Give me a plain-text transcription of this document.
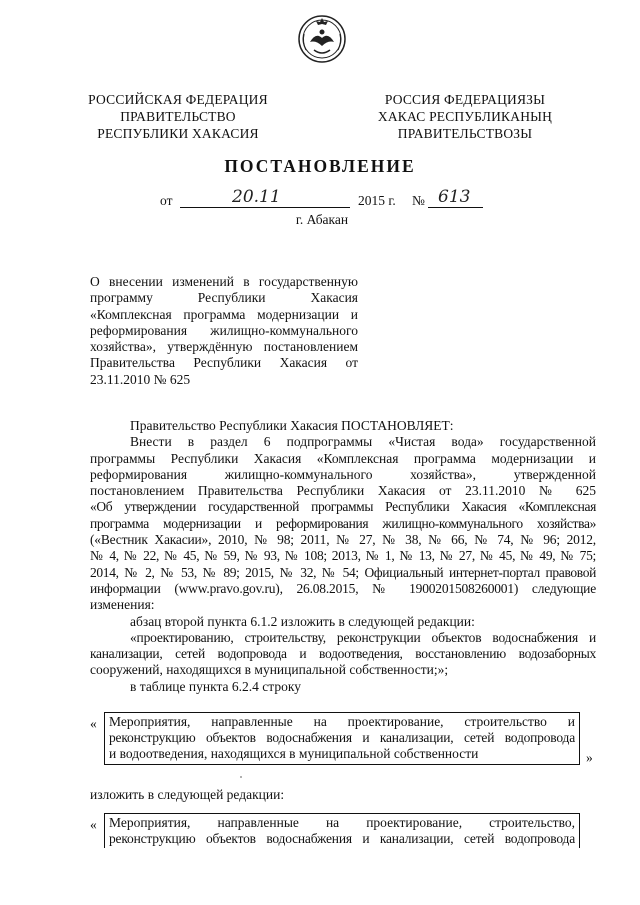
РОССИЙСКАЯ ФЕДЕРАЦИЯ
ПРАВИТЕЛЬСТВО
РЕСПУБЛИКИ ХАКАСИЯ
РОССИЯ ФЕДЕРАЦИЯЗЫ
ХАКАС РЕСПУБЛИКАНЫҢ
ПРАВИТЕЛЬСТВОЗЫ
ПОСТАНОВЛЕНИЕ
от	20.11	2015 г. № 613
г. Абакан
О внесении изменений в государственную
программу Республики Хакасия
«Комплексная программа модернизации и
реформирования жилищно-коммунального
хозяйства», утверждённую постановлением
Правительства Республики Хакасия от
23.11.2010 № 625
Правительство Республики Хакасия ПОСТАНОВЛЯЕТ:
Внести в раздел 6 подпрограммы «Чистая вода» государственной
программы Республики Хакасия «Комплексная программа модернизации и
реформирования жилищно-коммунального хозяйства», утвержденной
постановлением Правительства Республики Хакасия от 23.11.2010 № 625
«Об утверждении государственной программы Республики Хакасия «Комплексная
программа модернизации и реформирования жилищно-коммунального хозяйства»
(«Вестник Хакасии», 2010, № 98; 2011, № 27, № 38, № 66, № 74, № 96; 2012,
№ 4, № 22, № 45, № 59, № 93, № 108; 2013, № 1, № 13, № 27, № 45, № 49, № 75;
2014, № 2, № 53, № 89; 2015, № 32, № 54; Официальный интернет-портал правовой
информации (www.pravo.gov.ru), 26.08.2015, № 1900201508260001) следующие
изменения:
абзац второй пункта 6.1.2 изложить в следующей редакции:
«проектированию, строительству, реконструкции объектов водоснабжения и
канализации, сетей водопровода и водоотведения, восстановлению водозаборных
сооружений, находящихся в муниципальной собственности;»;
в таблице пункта 6.2.4 строку
« Мероприятия, направленные на проектирование, строительство и
реконструкцию объектов водоснабжения и канализации, сетей водопровода
и водоотведения, находящихся в муниципальной собственности	»
изложить в следующей редакции:
« Мероприятия, направленные на проектирование, строительство,
реконструкцию объектов водоснабжения и канализации, сетей водопровода
